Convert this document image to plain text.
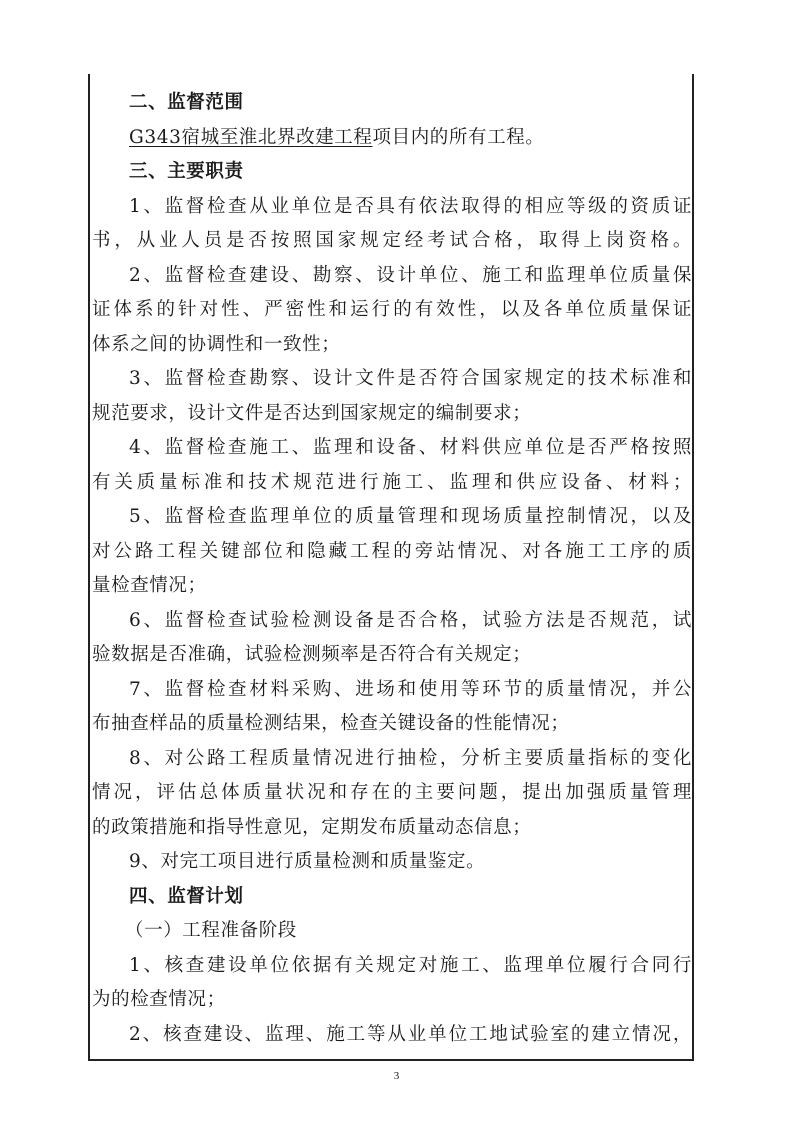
二、监督范围
G343宿城至淮北界改建工程项目内的所有工程。
三、主要职责
1、监督检查从业单位是否具有依法取得的相应等级的资质证
书，从业人员是否按照国家规定经考试合格，取得上岗资格。
2、监督检查建设、勘察、设计单位、施工和监理单位质量保
证体系的针对性、严密性和运行的有效性，以及各单位质量保证
体系之间的协调性和一致性；
3、监督检查勘察、设计文件是否符合国家规定的技术标准和
规范要求，设计文件是否达到国家规定的编制要求；
4、监督检查施工、监理和设备、材料供应单位是否严格按照
有关质量标准和技术规范进行施工、监理和供应设备、材料；
5、监督检查监理单位的质量管理和现场质量控制情况，以及
对公路工程关键部位和隐藏工程的旁站情况、对各施工工序的质
量检查情况；
6、监督检查试验检测设备是否合格，试验方法是否规范，试
验数据是否准确，试验检测频率是否符合有关规定；
7、监督检查材料采购、进场和使用等环节的质量情况，并公
布抽查样品的质量检测结果，检查关键设备的性能情况；
8、对公路工程质量情况进行抽检，分析主要质量指标的变化
情况，评估总体质量状况和存在的主要问题，提出加强质量管理
的政策措施和指导性意见，定期发布质量动态信息；
9、对完工项目进行质量检测和质量鉴定。
四、监督计划
（一）工程准备阶段
1、核查建设单位依据有关规定对施工、监理单位履行合同行
为的检查情况；
2、核查建设、监理、施工等从业单位工地试验室的建立情况，
3
